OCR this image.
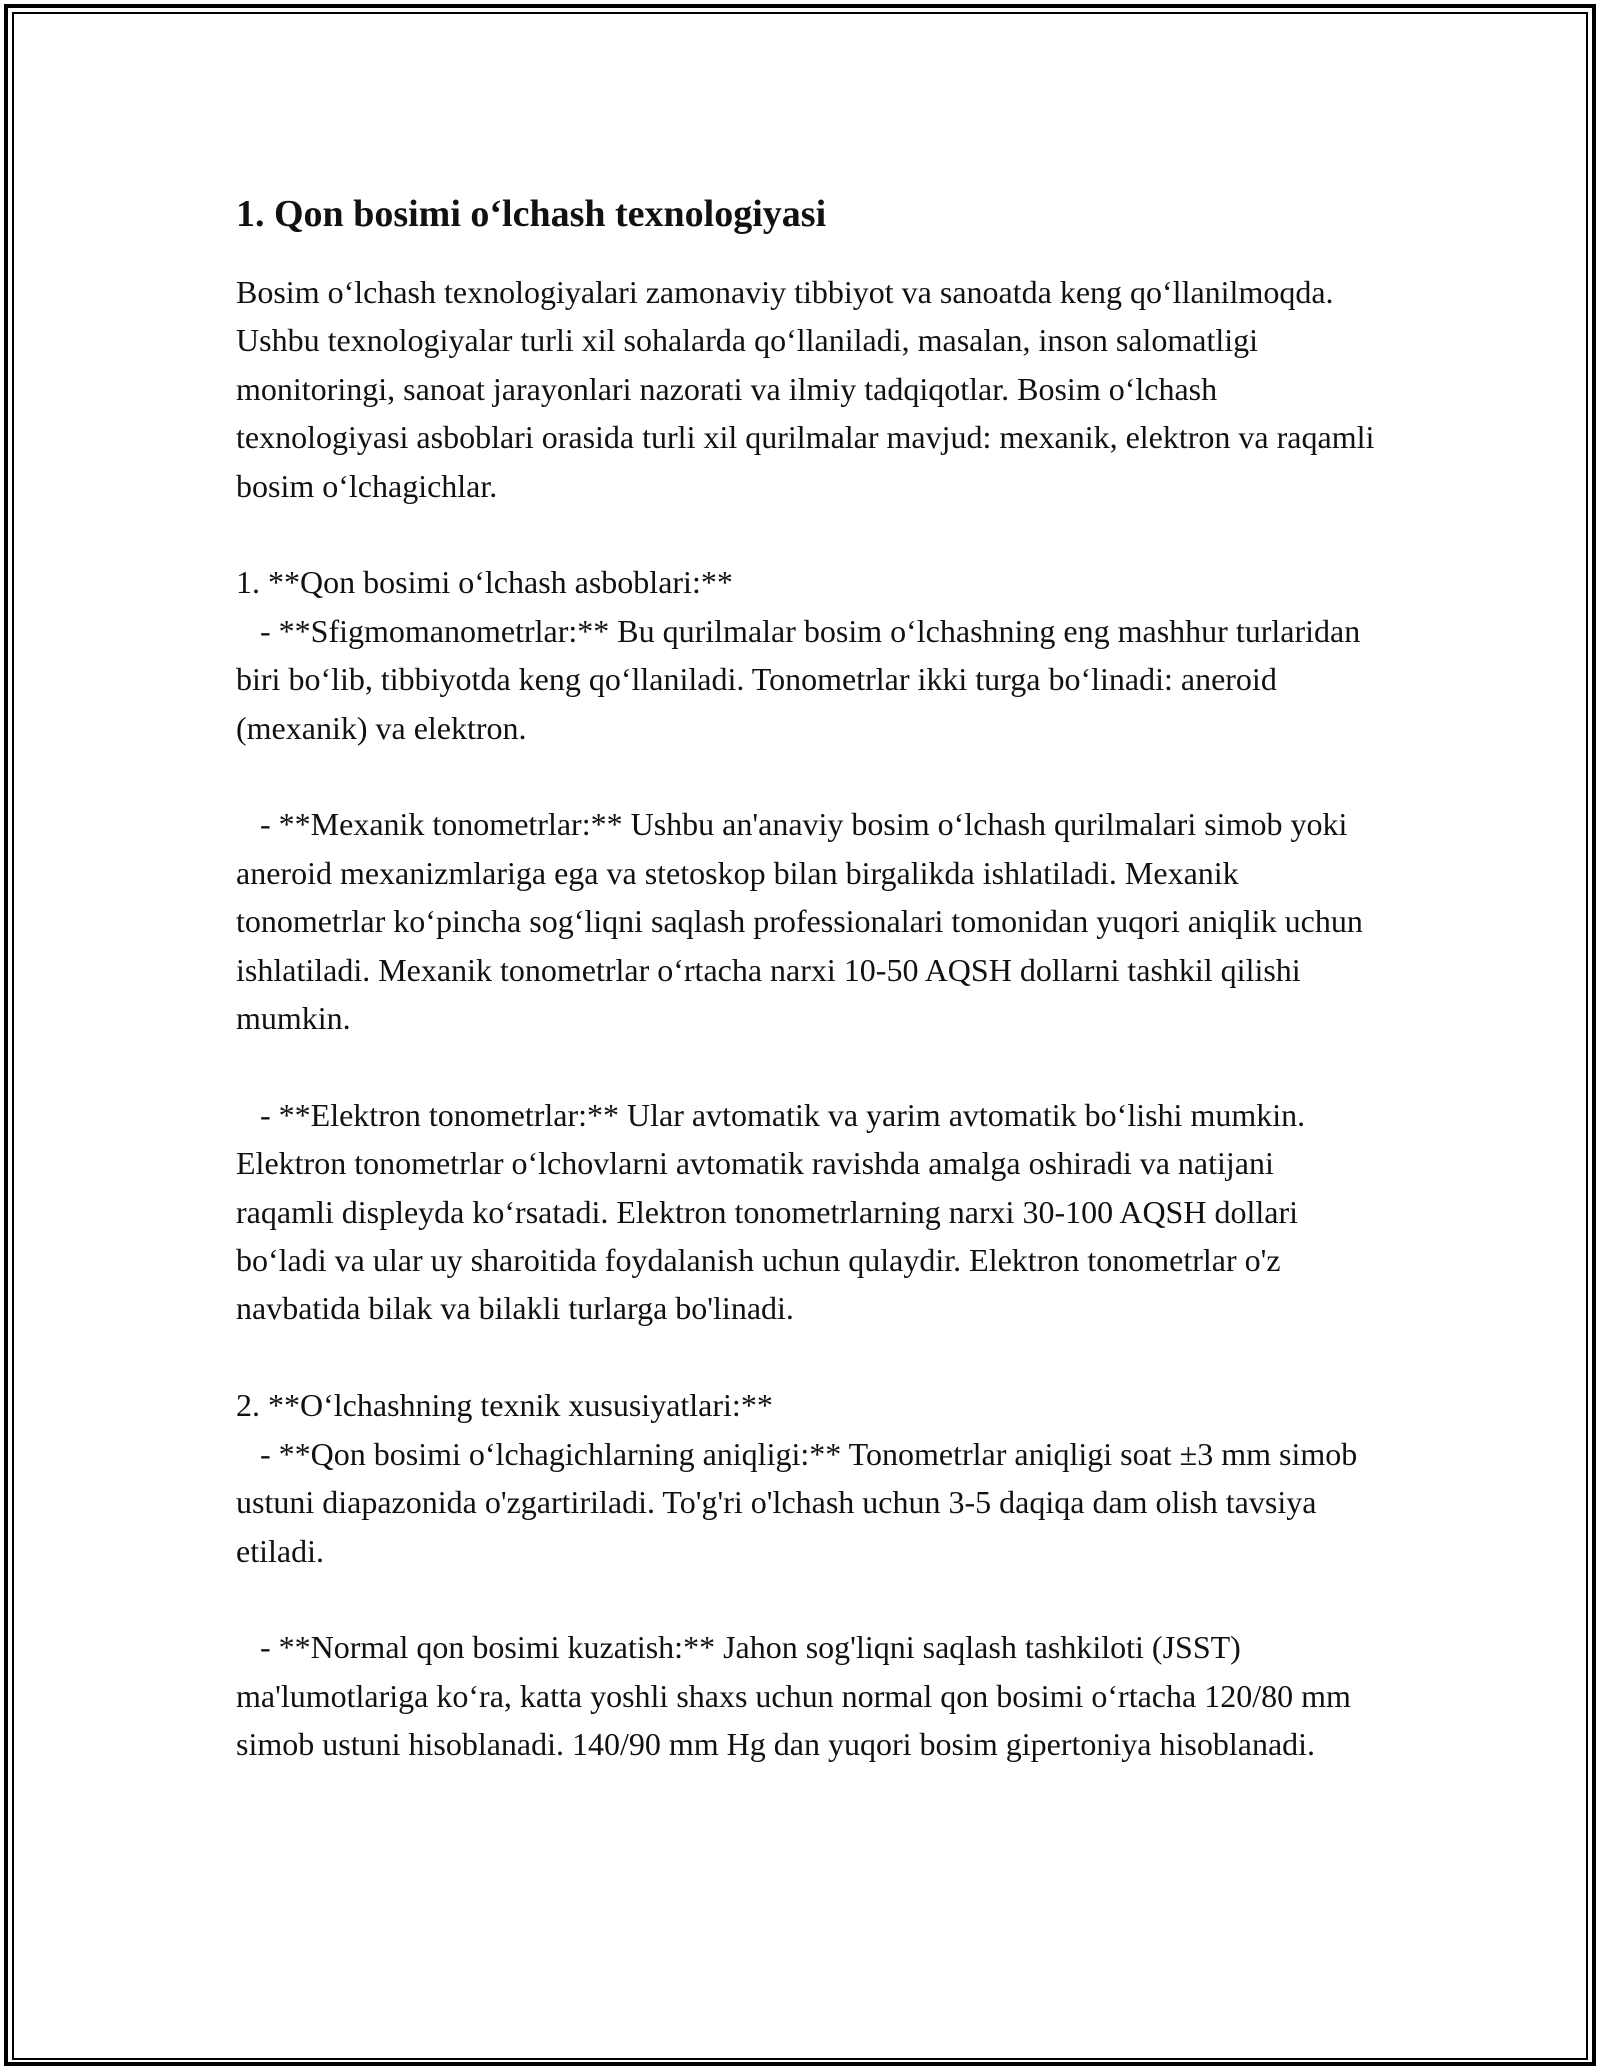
1. Qon bosimi o‘lchash texnologiyasi

Bosim o‘lchash texnologiyalari zamonaviy tibbiyot va sanoatda keng qo‘llanilmoqda. Ushbu texnologiyalar turli xil sohalarda qo‘llaniladi, masalan, inson salomatligi monitoringi, sanoat jarayonlari nazorati va ilmiy tadqiqotlar. Bosim o‘lchash texnologiyasi asboblari orasida turli xil qurilmalar mavjud: mexanik, elektron va raqamli bosim o‘lchagichlar.

1. **Qon bosimi o‘lchash asboblari:**

- **Sfigmomanometrlar:** Bu qurilmalar bosim o‘lchashning eng mashhur turlaridan biri bo‘lib, tibbiyotda keng qo‘llaniladi. Tonometrlar ikki turga bo‘linadi: aneroid (mexanik) va elektron.

- **Mexanik tonometrlar:** Ushbu an'anaviy bosim o‘lchash qurilmalari simob yoki aneroid mexanizmlariga ega va stetoskop bilan birgalikda ishlatiladi. Mexanik tonometrlar ko‘pincha sog‘liqni saqlash professionalari tomonidan yuqori aniqlik uchun ishlatiladi. Mexanik tonometrlar o‘rtacha narxi 10-50 AQSH dollarni tashkil qilishi mumkin.

- **Elektron tonometrlar:** Ular avtomatik va yarim avtomatik bo‘lishi mumkin. Elektron tonometrlar o‘lchovlarni avtomatik ravishda amalga oshiradi va natijani raqamli displeyda ko‘rsatadi. Elektron tonometrlarning narxi 30-100 AQSH dollari bo‘ladi va ular uy sharoitida foydalanish uchun qulaydir. Elektron tonometrlar o'z navbatida bilak va bilakli turlarga bo'linadi.

2. **O‘lchashning texnik xususiyatlari:**

- **Qon bosimi o‘lchagichlarning aniqligi:** Tonometrlar aniqligi soat ±3 mm simob ustuni diapazonida o'zgartiriladi. To'g'ri o'lchash uchun 3-5 daqiqa dam olish tavsiya etiladi.

- **Normal qon bosimi kuzatish:** Jahon sog'liqni saqlash tashkiloti (JSST) ma'lumotlariga ko‘ra, katta yoshli shaxs uchun normal qon bosimi o‘rtacha 120/80 mm simob ustuni hisoblanadi. 140/90 mm Hg dan yuqori bosim gipertoniya hisoblanadi.
